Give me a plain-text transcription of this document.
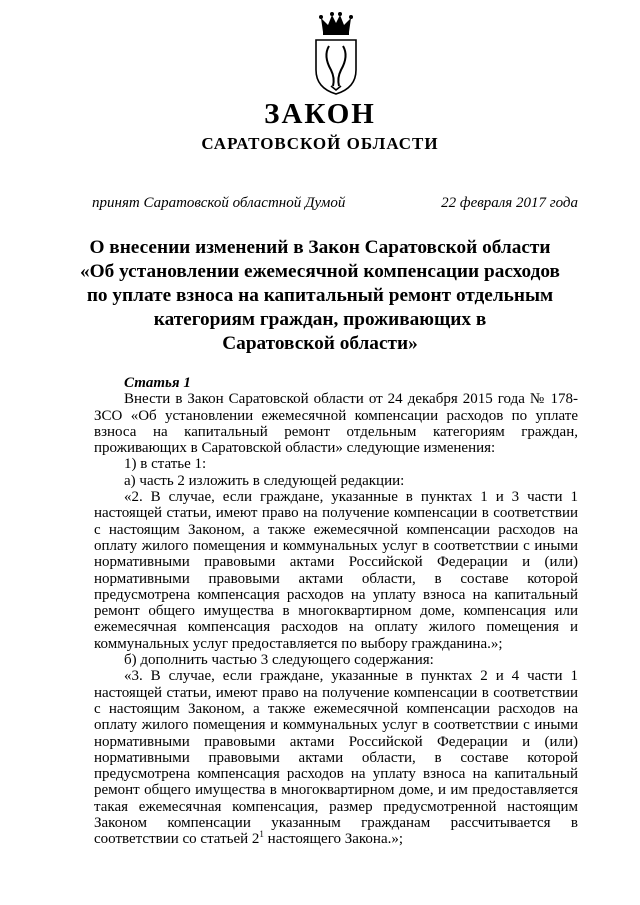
ЗАКОН
САРАТОВСКОЙ ОБЛАСТИ
принят Саратовской областной Думой	22 февраля 2017 года
О внесении изменений в Закон Саратовской области
«Об установлении ежемесячной компенсации расходов
по уплате взноса на капитальный ремонт отдельным
категориям граждан, проживающих в
Саратовской области»

Статья 1

Внести в Закон Саратовской области от 24 декабря 2015 года № 178-ЗСО «Об установлении ежемесячной компенсации расходов по уплате взноса на капитальный ремонт отдельным категориям граждан, проживающих в Саратовской области» следующие изменения:

1) в статье 1:

а) часть 2 изложить в следующей редакции:

«2. В случае, если граждане, указанные в пунктах 1 и 3 части 1 настоящей статьи, имеют право на получение компенсации в соответствии с настоящим Законом, а также ежемесячной компенсации расходов на оплату жилого помещения и коммунальных услуг в соответствии с иными нормативными правовыми актами Российской Федерации и (или) нормативными правовыми актами области, в составе которой предусмотрена компенсация расходов на уплату взноса на капитальный ремонт общего имущества в многоквартирном доме, компенсация или ежемесячная компенсация расходов на оплату жилого помещения и коммунальных услуг предоставляется по выбору гражданина.»;

б) дополнить частью 3 следующего содержания:

«3. В случае, если граждане, указанные в пунктах 2 и 4 части 1 настоящей статьи, имеют право на получение компенсации в соответствии с настоящим Законом, а также ежемесячной компенсации расходов на оплату жилого помещения и коммунальных услуг в соответствии с иными нормативными правовыми актами Российской Федерации и (или) нормативными правовыми актами области, в составе которой предусмотрена компенсация расходов на уплату взноса на капитальный ремонт общего имущества в многоквартирном доме, и им предоставляется такая ежемесячная компенсация, размер предусмотренной настоящим Законом компенсации указанным гражданам рассчитывается в соответствии со статьей $2^1$ настоящего Закона.»;
